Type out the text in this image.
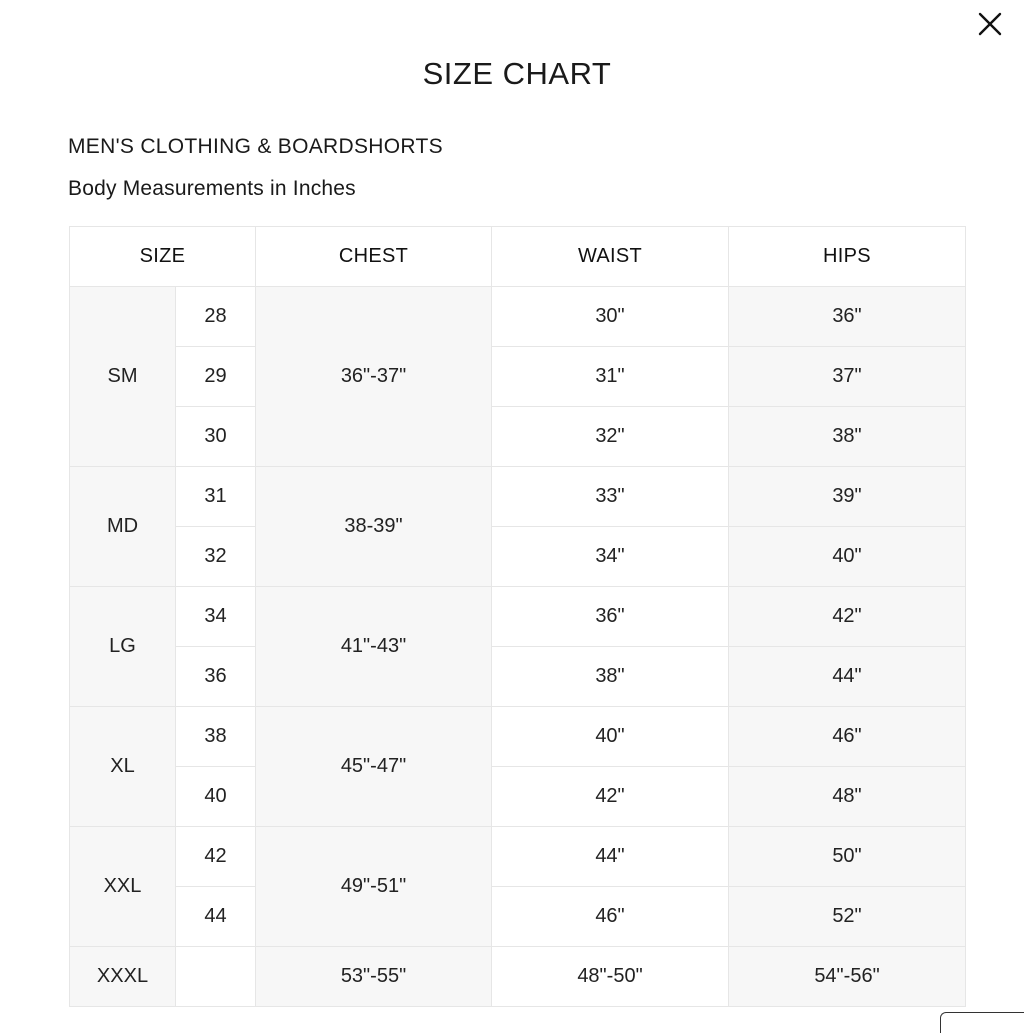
SIZE CHART
MEN'S CLOTHING & BOARDSHORTS
Body Measurements in Inches
SIZE		CHEST	WAIST	HIPS
SM	28	36"-37"	30"	36"
	29		31"	37"
	30		32"	38"
MD	31	38-39"	33"	39"
	32		34"	40"
LG	34	41"-43"	36"	42"
	36		38"	44"
XL	38	45"-47"	40"	46"
	40		42"	48"
XXL	42	49"-51"	44"	50"
	44		46"	52"
XXXL		53"-55"	48"-50"	54"-56"
